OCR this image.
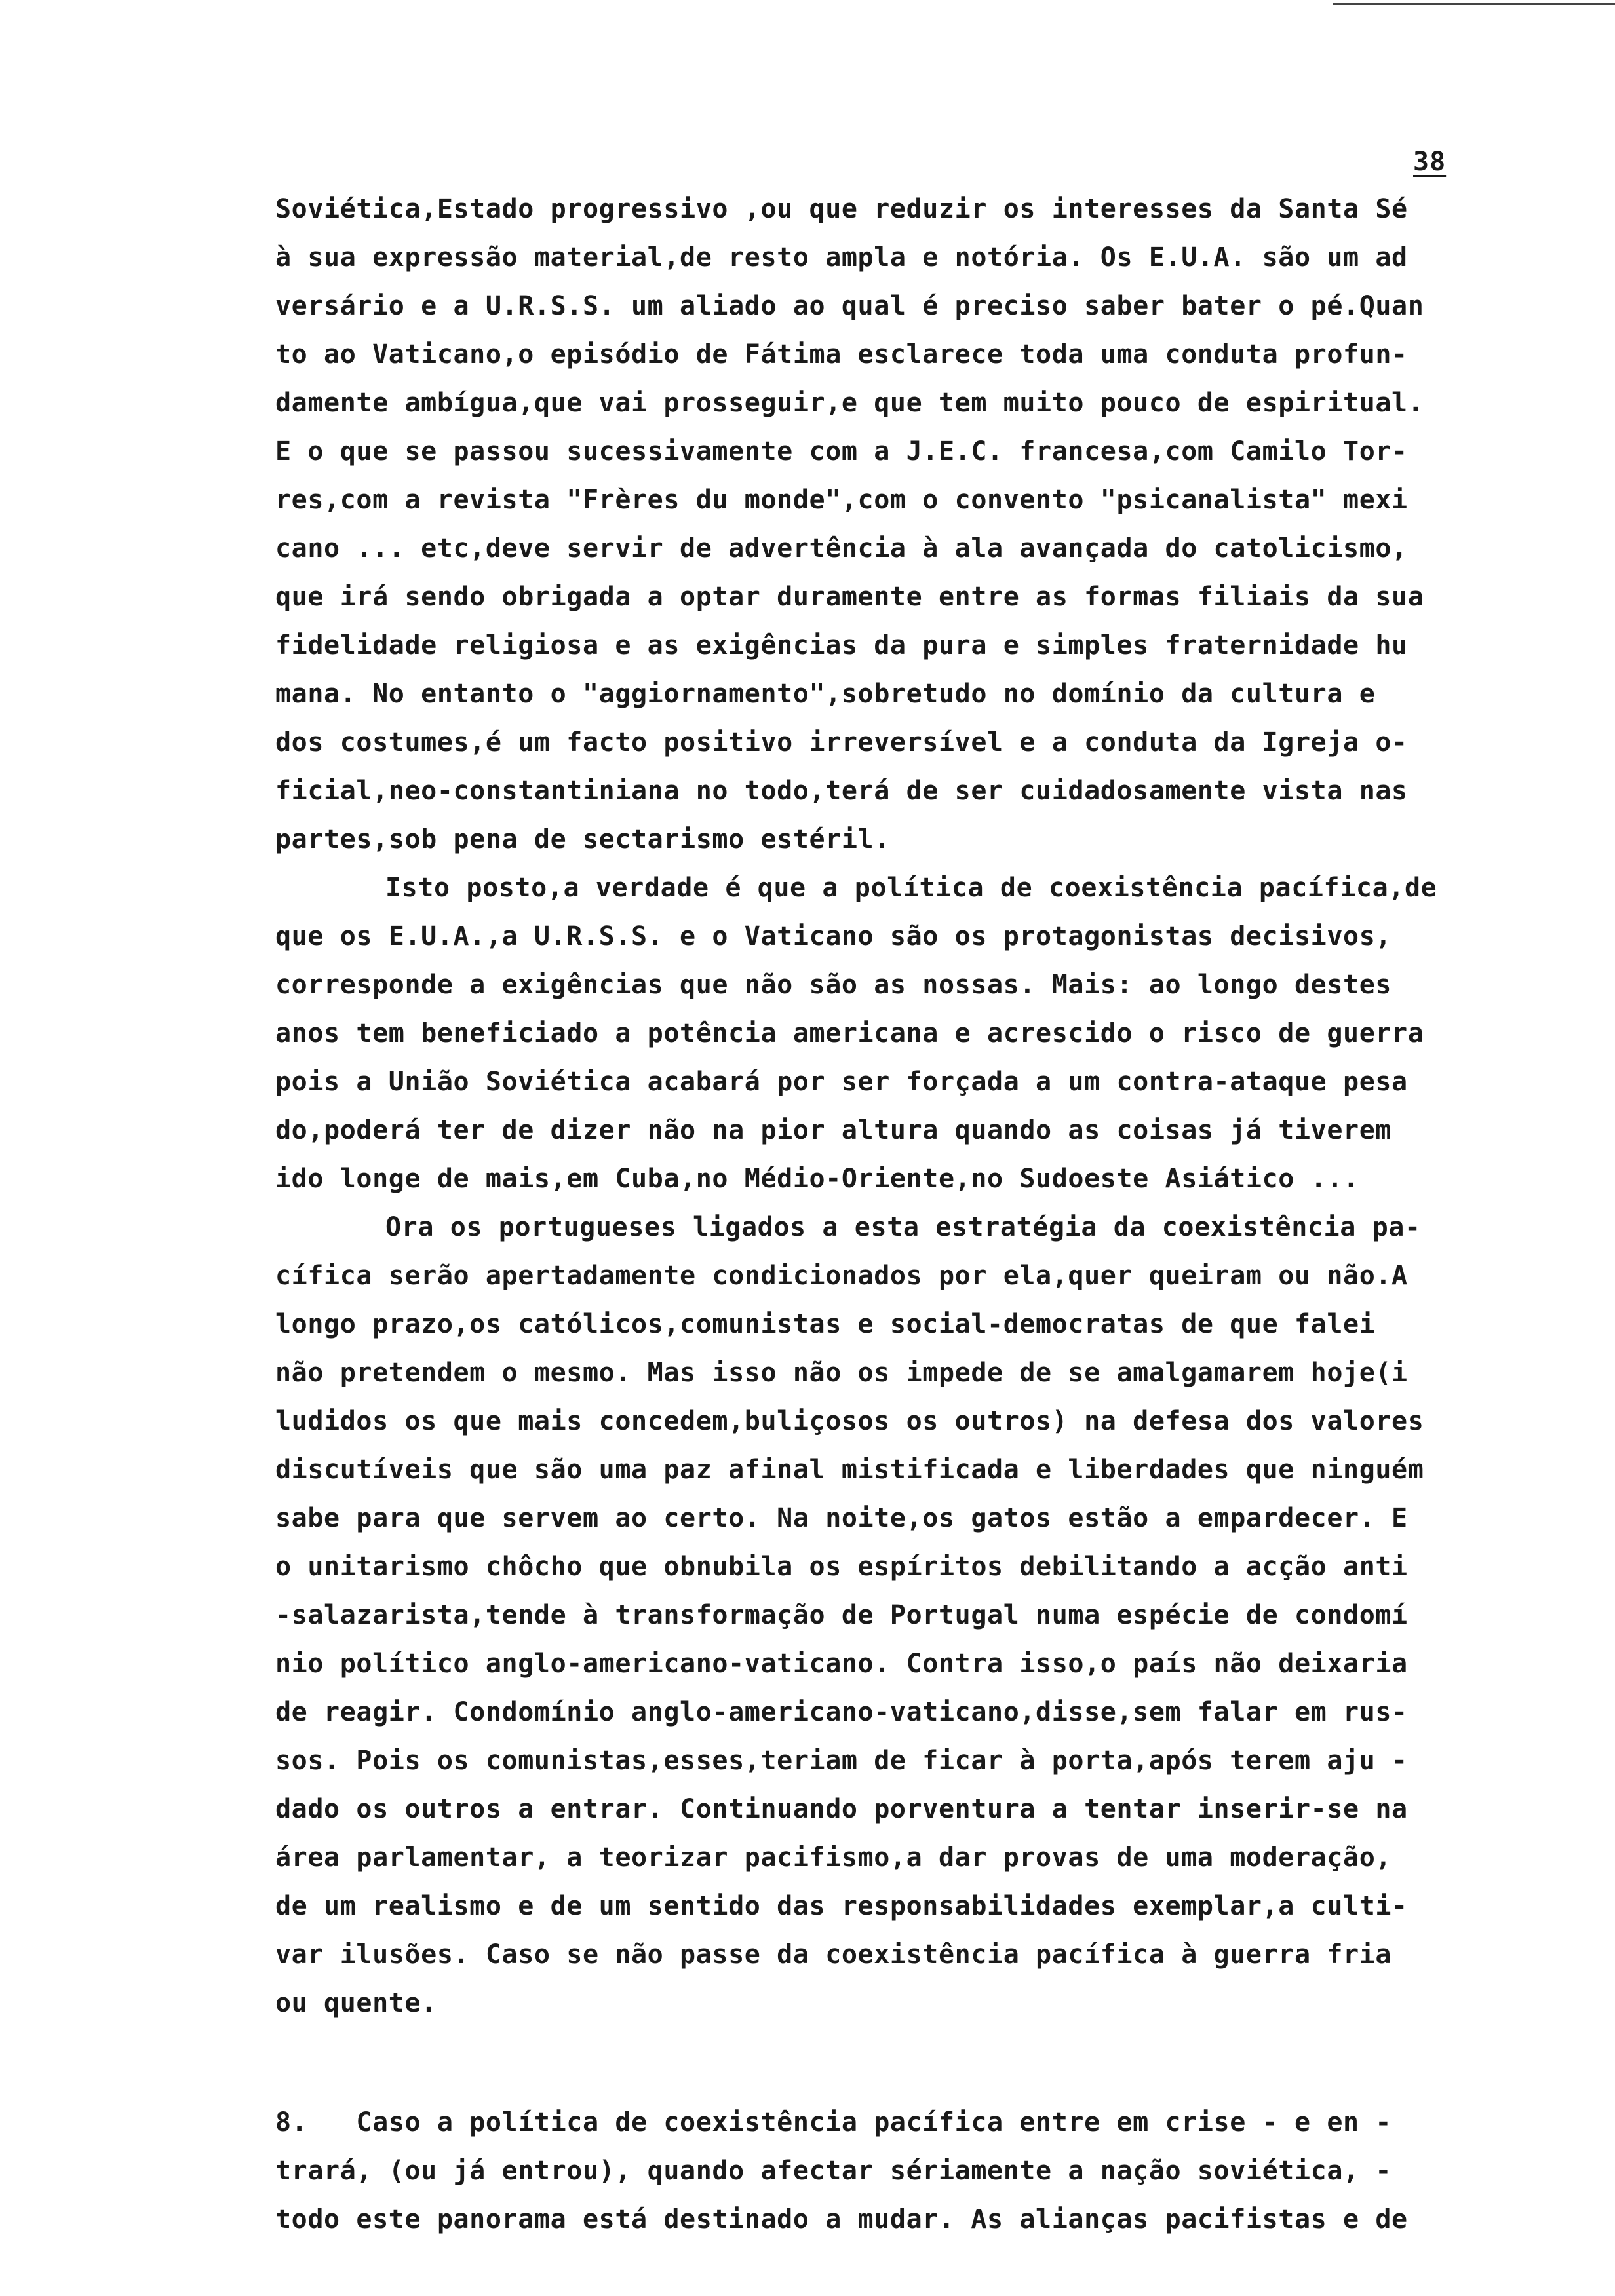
38
Soviética,Estado progressivo ,ou que reduzir os interesses da Santa Sé
à sua expressão material,de resto ampla e notória. Os E.U.A. são um ad
versário e a U.R.S.S. um aliado ao qual é preciso saber bater o pé.Quan
to ao Vaticano,o episódio de Fátima esclarece toda uma conduta profun-
damente ambígua,que vai prosseguir,e que tem muito pouco de espiritual.
E o que se passou sucessivamente com a J.E.C. francesa,com Camilo Tor-
res,com a revista "Frères du monde",com o convento "psicanalista" mexi
cano ... etc,deve servir de advertência à ala avançada do catolicismo,
que irá sendo obrigada a optar duramente entre as formas filiais da sua
fidelidade religiosa e as exigências da pura e simples fraternidade hu
mana. No entanto o "aggiornamento",sobretudo no domínio da cultura e
dos costumes,é um facto positivo irreversível e a conduta da Igreja o-
ficial,neo-constantiniana no todo,terá de ser cuidadosamente vista nas
partes,sob pena de sectarismo estéril.
Isto posto,a verdade é que a política de coexistência pacífica,de
que os E.U.A.,a U.R.S.S. e o Vaticano são os protagonistas decisivos,
corresponde a exigências que não são as nossas. Mais: ao longo destes
anos tem beneficiado a potência americana e acrescido o risco de guerra
pois a União Soviética acabará por ser forçada a um contra-ataque pesa
do,poderá ter de dizer não na pior altura quando as coisas já tiverem
ido longe de mais,em Cuba,no Médio-Oriente,no Sudoeste Asiático ...
Ora os portugueses ligados a esta estratégia da coexistência pa-
cífica serão apertadamente condicionados por ela,quer queiram ou não.A
longo prazo,os católicos,comunistas e social-democratas de que falei
não pretendem o mesmo. Mas isso não os impede de se amalgamarem hoje(i
ludidos os que mais concedem,buliçosos os outros) na defesa dos valores
discutíveis que são uma paz afinal mistificada e liberdades que ninguém
sabe para que servem ao certo. Na noite,os gatos estão a empardecer. E
o unitarismo chôcho que obnubila os espíritos debilitando a acção anti
-salazarista,tende à transformação de Portugal numa espécie de condomí
nio político anglo-americano-vaticano. Contra isso,o país não deixaria
de reagir. Condomínio anglo-americano-vaticano,disse,sem falar em rus-
sos. Pois os comunistas,esses,teriam de ficar à porta,após terem aju -
dado os outros a entrar. Continuando porventura a tentar inserir-se na
área parlamentar, a teorizar pacifismo,a dar provas de uma moderação,
de um realismo e de um sentido das responsabilidades exemplar,a culti-
var ilusões. Caso se não passe da coexistência pacífica à guerra fria
ou quente.
8.   Caso a política de coexistência pacífica entre em crise - e en -
trará, (ou já entrou), quando afectar sériamente a nação soviética, -
todo este panorama está destinado a mudar. As alianças pacifistas e de
